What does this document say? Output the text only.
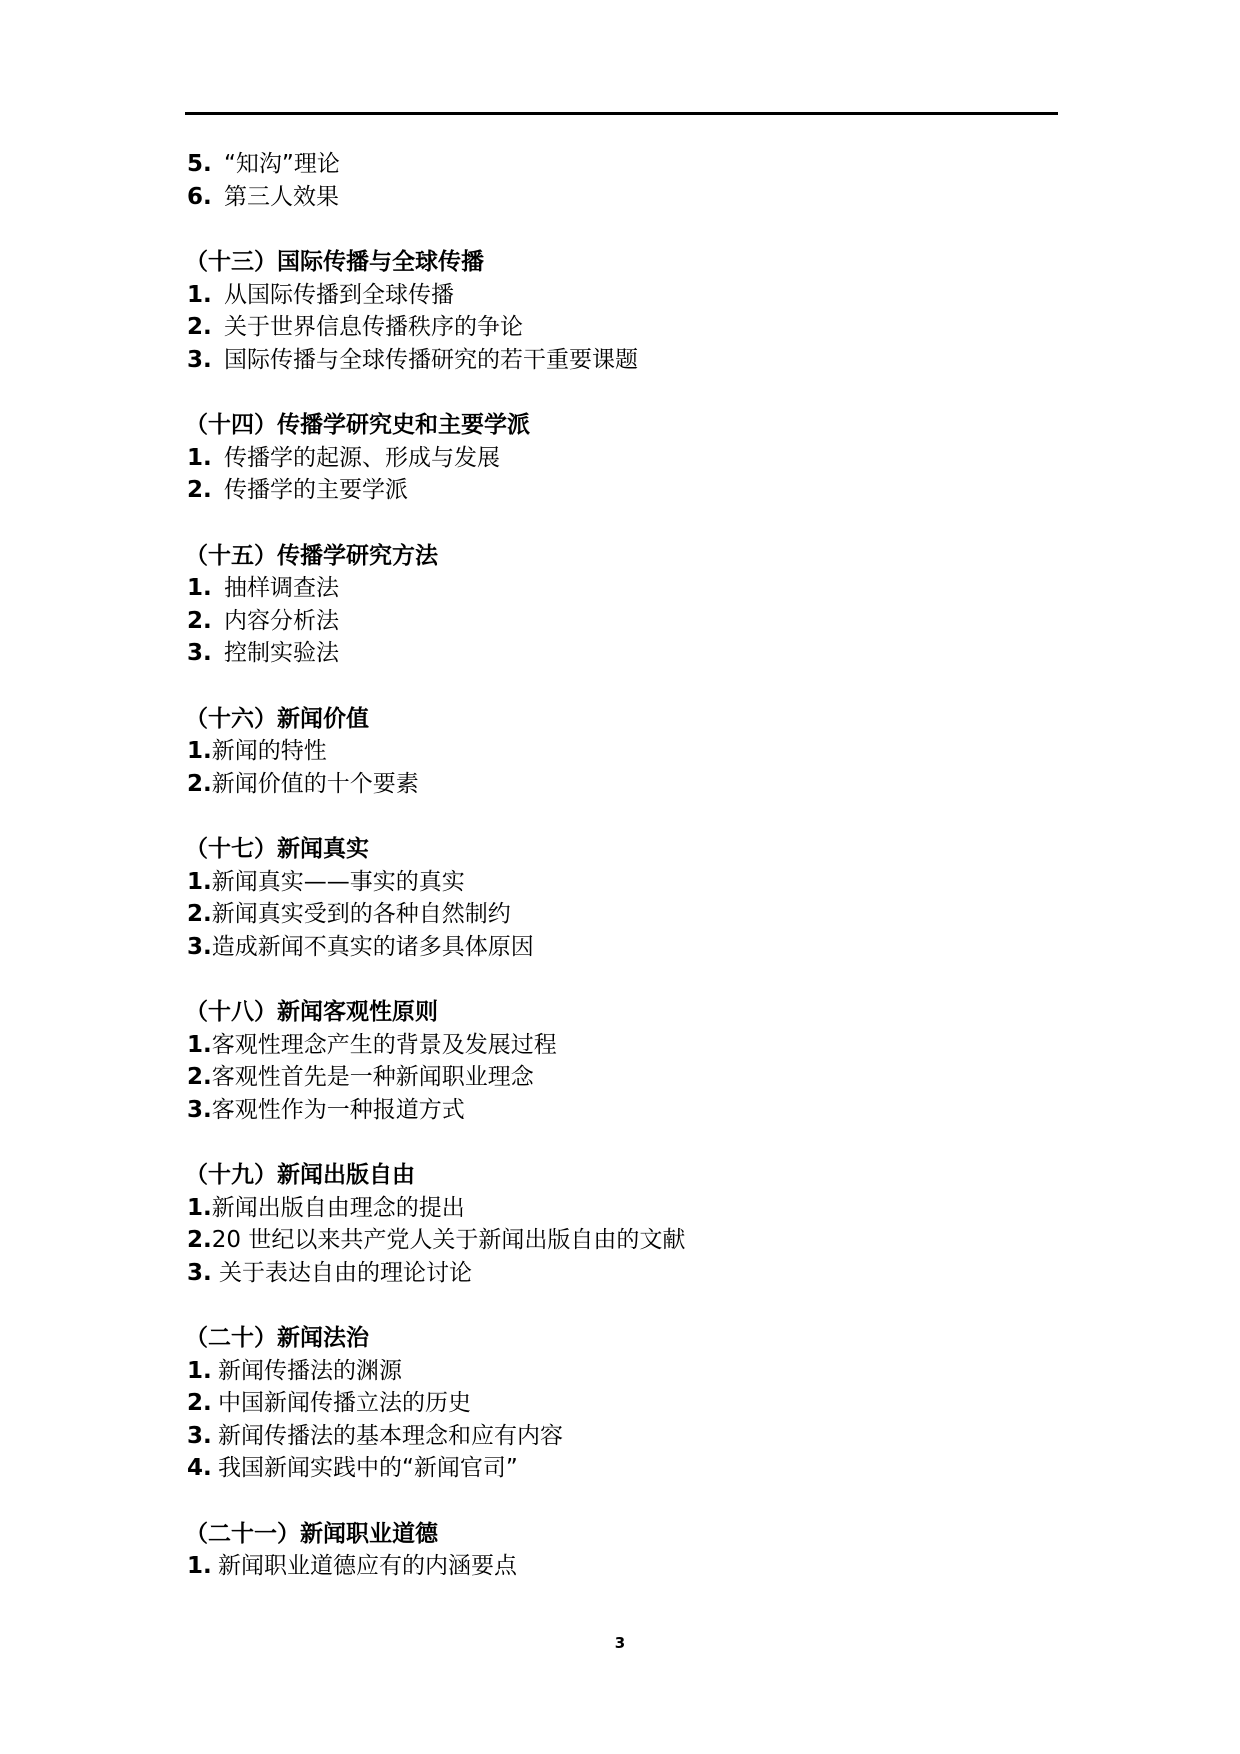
5. “知沟”理论
6. 第三人效果
（十三）国际传播与全球传播
1. 从国际传播到全球传播
2. 关于世界信息传播秩序的争论
3. 国际传播与全球传播研究的若干重要课题
（十四）传播学研究史和主要学派
1. 传播学的起源、形成与发展
2. 传播学的主要学派
（十五）传播学研究方法
1. 抽样调查法
2. 内容分析法
3. 控制实验法
（十六）新闻价值
1.新闻的特性
2.新闻价值的十个要素
（十七）新闻真实
1.新闻真实——事实的真实
2.新闻真实受到的各种自然制约
3.造成新闻不真实的诸多具体原因
（十八）新闻客观性原则
1.客观性理念产生的背景及发展过程
2.客观性首先是一种新闻职业理念
3.客观性作为一种报道方式
（十九）新闻出版自由
1.新闻出版自由理念的提出
2.20 世纪以来共产党人关于新闻出版自由的文献
3. 关于表达自由的理论讨论
（二十）新闻法治
1. 新闻传播法的渊源
2. 中国新闻传播立法的历史
3. 新闻传播法的基本理念和应有内容
4. 我国新闻实践中的“新闻官司”
（二十一）新闻职业道德
1. 新闻职业道德应有的内涵要点
3
